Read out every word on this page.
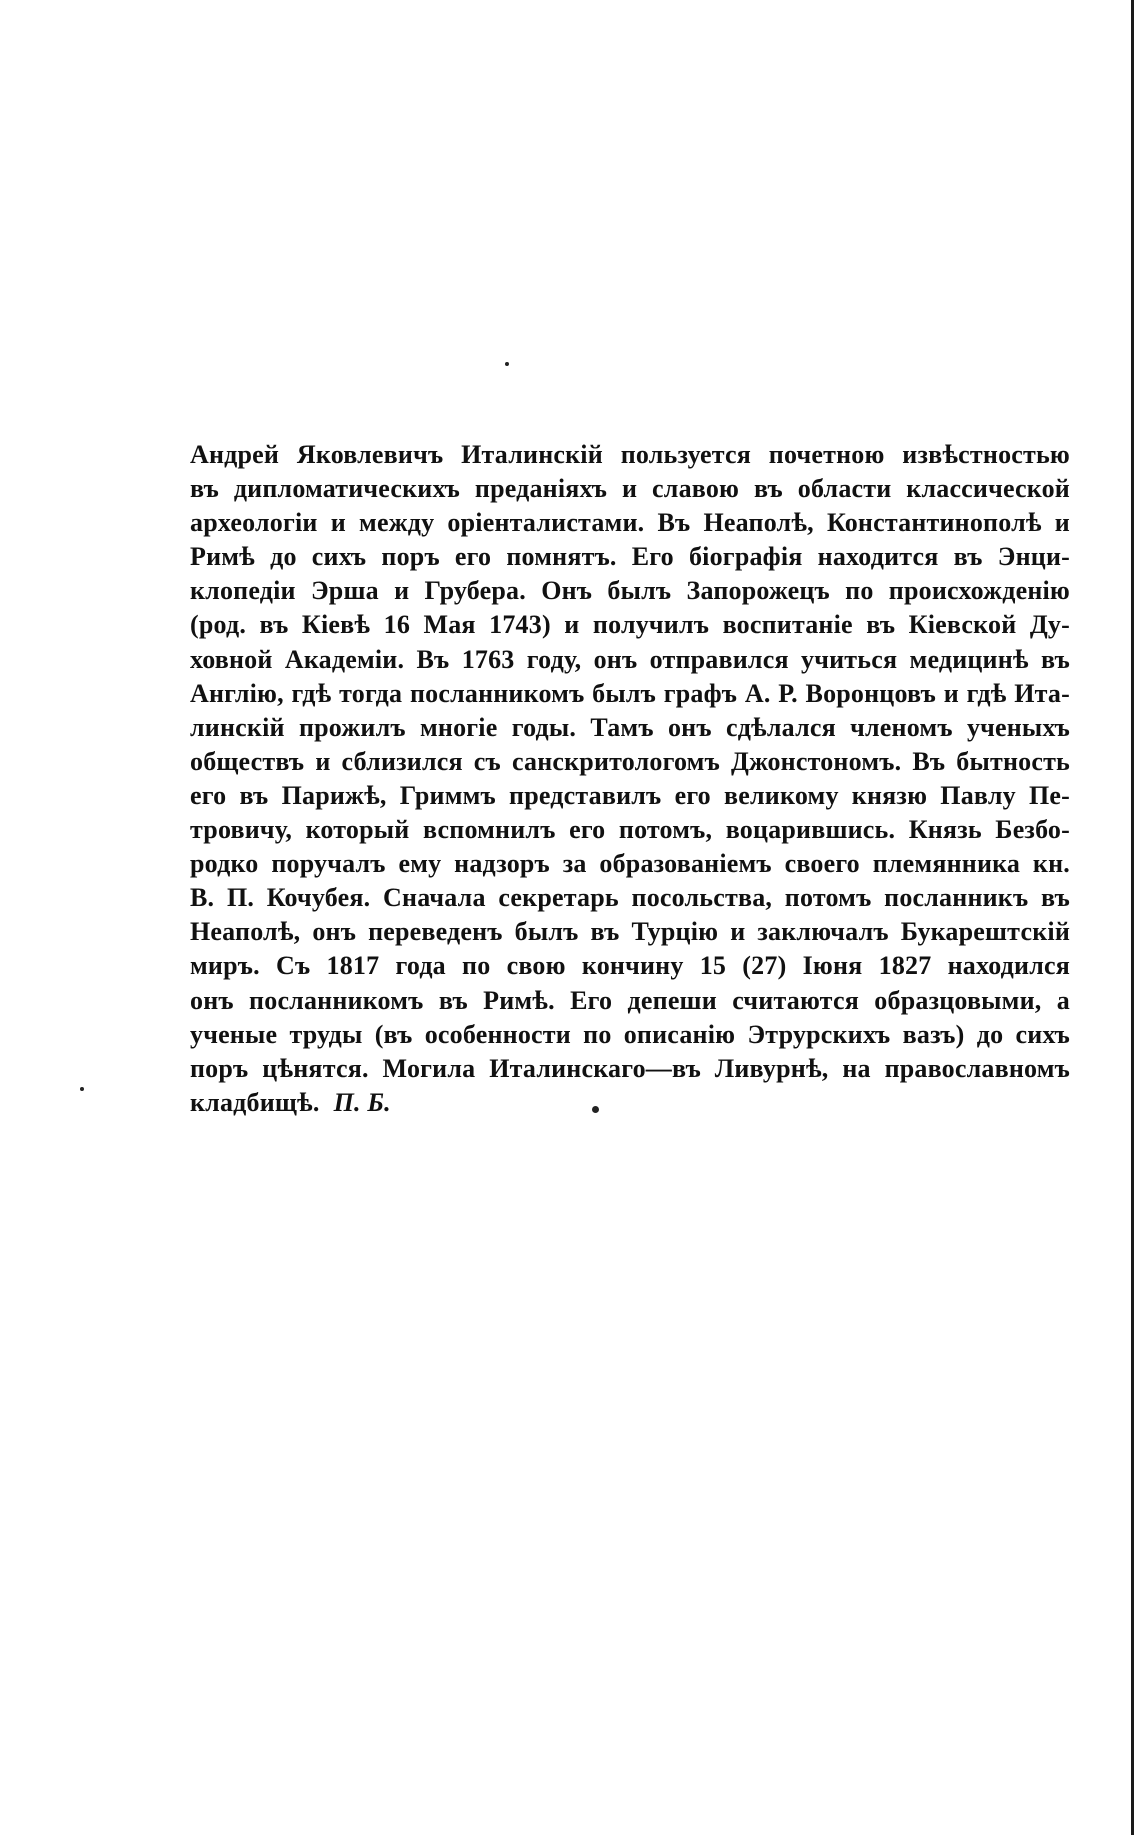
Андрей Яковлевичъ Италинскій пользуется почетною извѣстностью
въ дипломатическихъ преданіяхъ и славою въ области классической
археологіи и между оріенталистами. Въ Неаполѣ, Константинополѣ и
Римѣ до сихъ поръ его помнятъ. Его біографія находится въ Энци-
клопедіи Эрша и Грубера. Онъ былъ Запорожецъ по происхожденію
(род. въ Кіевѣ 16 Мая 1743) и получилъ воспитаніе въ Кіевской Ду-
ховной Академіи. Въ 1763 году, онъ отправился учиться медицинѣ въ
Англію, гдѣ тогда посланникомъ былъ графъ А. Р. Воронцовъ и гдѣ Ита-
линскій прожилъ многіе годы. Тамъ онъ сдѣлался членомъ ученыхъ
обществъ и сблизился съ санскритологомъ Джонстономъ. Въ бытность
его въ Парижѣ, Гриммъ представилъ его великому князю Павлу Пе-
тровичу, который вспомнилъ его потомъ, воцарившись. Князь Безбо-
родко поручалъ ему надзоръ за образованіемъ своего племянника кн.
В. П. Кочубея. Сначала секретарь посольства, потомъ посланникъ въ
Неаполѣ, онъ переведенъ былъ въ Турцію и заключалъ Букарештскій
миръ. Съ 1817 года по свою кончину 15 (27) Іюня 1827 находился
онъ посланникомъ въ Римѣ. Его депеши считаются образцовыми, а
ученые труды (въ особенности по описанію Этрурскихъ вазъ) до сихъ
поръ цѣнятся. Могила Италинскаго—въ Ливурнѣ, на православномъ
кладбищѣ. П. Б.
